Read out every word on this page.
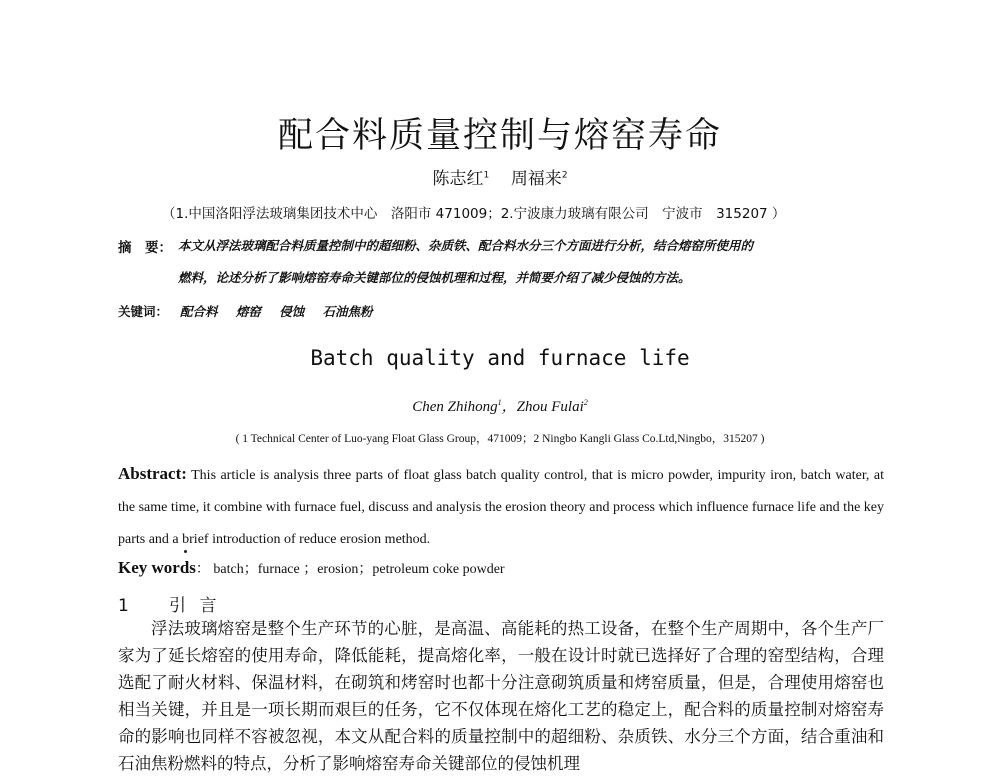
配合料质量控制与熔窑寿命
陈志红$^1$ 周福来$^2$
（1.中国洛阳浮法玻璃集团技术中心　洛阳市 471009；2.宁波康力玻璃有限公司　宁波市　315207 ）
摘　要： 本文从浮法玻璃配合料质量控制中的超细粉、杂质铁、配合料水分三个方面进行分析，结合熔窑所使用的
燃料，论述分析了影响熔窑寿命关键部位的侵蚀机理和过程，并简要介绍了减少侵蚀的方法。
关键词： 配合料 熔窑 侵蚀 石油焦粉
Batch quality and furnace life
Chen Zhihong$^1$，Zhou Fulai$^2$
( 1 Technical Center of Luo-yang Float Glass Group，471009；2 Ningbo Kangli Glass Co.Ltd,Ningbo，315207 )
Abstract: This article is analysis three parts of float glass batch quality control, that is micro powder, impurity iron, batch water, at the same time, it combine with furnace fuel, discuss and analysis the erosion theory and process which influence furnace life and the key parts and a brief introduction of reduce erosion method.
Key words： batch；furnace ；erosion；petroleum coke powder
1 引 言

浮法玻璃熔窑是整个生产环节的心脏，是高温、高能耗的热工设备，在整个生产周期中，各个生产厂家为了延长熔窑的使用寿命，降低能耗，提高熔化率，一般在设计时就已选择好了合理的窑型结构，合理选配了耐火材料、保温材料，在砌筑和烤窑时也都十分注意砌筑质量和烤窑质量，但是，合理使用熔窑也相当关键，并且是一项长期而艰巨的任务，它不仅体现在熔化工艺的稳定上，配合料的质量控制对熔窑寿命的影响也同样不容被忽视，本文从配合料的质量控制中的超细粉、杂质铁、水分三个方面，结合重油和石油焦粉燃料的特点，分析了影响熔窑寿命关键部位的侵蚀机理
